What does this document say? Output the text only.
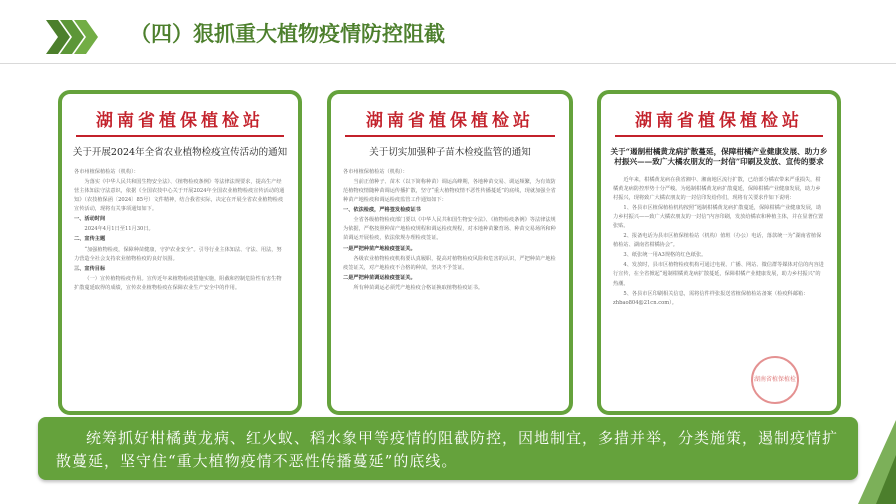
（四）狠抓重大植物疫情防控阻截
湖南省植保植检站
关于开展2024年全省农业植物检疫宣传活动的通知

各市州植保植检站（机构）：

为落实《中华人民共和国生物安全法》、《植物检疫条例》等法律法规要求，提高生产经营主体知法守法意识，依据《全国农技中心关于开展2024年全国农业植物检疫宣传活动的通知》（农技植保函〔2024〕85号）文件精神，结合我省实际，决定在开展全省农业植物检疫宣传活动，现将有关事项通知如下。

一、活动时间

2024年4月1日至11月30日。

二、宣传主题

“加强植物检疫，保障种苗健康，守护农业安全”。引导行业主体知法、守法、用法，努力营造全社会支持农业植物检疫的良好氛围。

三、宣传目标

（一）宣传植物检疫作用。宣传近年来植物检疫措施实施，阻截和控制危险性有害生物扩散蔓延取得的成绩，宣传农业植物检疫在保障农业生产安全中的作用。

湖南省植保植检站
关于切实加强种子苗木检疫监管的通知

各市州植保植检站（机构）：

当前正值种子、苗木（以下简称种苗）调运高峰期，各地种苗交易、调运频繁，为有效防范植物疫情随种苗调运传播扩散，坚守“重大植物疫情不恶性传播蔓延”的底线，现就加强全省种苗产地检疫和调运检疫监管工作通知如下：

一、依法检疫，严格签发检疫证书

全省各级植物检疫部门要以《中华人民共和国生物安全法》、《植物检疫条例》等法律法规为依据，严格按照种苗产地检疫规程和调运检疫规程，对本地种苗繁育场、种苗交易场所和种苗调运开展检疫，依法依规办理检疫签证。

一是严把种苗产地检疫签证关。

各级农业植物检疫机构要认真履职，提高对植物检疫风险和危害的认识，严把种苗产地检疫签证关，对产地检疫不合格的种苗，坚决不予签证。

二是严把种苗调运检疫签证关。

所有种苗调运必须凭产地检疫合格证换取植物检疫证书。

湖南省植保植检站
关于“遏制柑橘黄龙病扩散蔓延，保障柑橘产业健康发展、助力乡村振兴——致广大橘农朋友的一封信”印刷及发放、宣传的要求

近年来，柑橘黄龙病在我省湘中、湘南地区流行扩散，已给部分橘农带来严重损失，柑橘黄龙病防控形势十分严峻。为遏制柑橘黄龙病扩散蔓延，保障柑橘产业健康发展，助力乡村振兴，现将致广大橘农朋友的一封信印发给你们，现将有关要求作如下说明：

1、各县市区植保植检机构按照“遏制柑橘黄龙病扩散蔓延，保障柑橘产业健康发展，助力乡村振兴——致广大橘农朋友的一封信”内容印刷，发放给橘农和种植主体，并在显著位置张贴。

2、报备电话为县市区植保植检站（机构）值班（办公）电话，落款统一为“湖南省植保植检站、湖南省柑橘协会”。

3、纸张统一用A3规格的红色纸张。

4、发放时，县市区植物检疫机构可通过电视、广播、网站、微信群等媒体对信的内容进行宣传，在全省掀起“遏制柑橘黄龙病扩散蔓延，保障柑橘产业健康发展，助力乡村振兴”的热潮。

5、各县市区印刷相关信息，需将信件样张报送省植保植检站备案（检疫科邮箱：zhbao804@21cn.com）。

湖南省植保植检
统筹抓好柑橘黄龙病、红火蚁、稻水象甲等疫情的阻截防控，因地制宜，多措并举，分类施策，遏制疫情扩散蔓延，坚守住“重大植物疫情不恶性传播蔓延”的底线。
